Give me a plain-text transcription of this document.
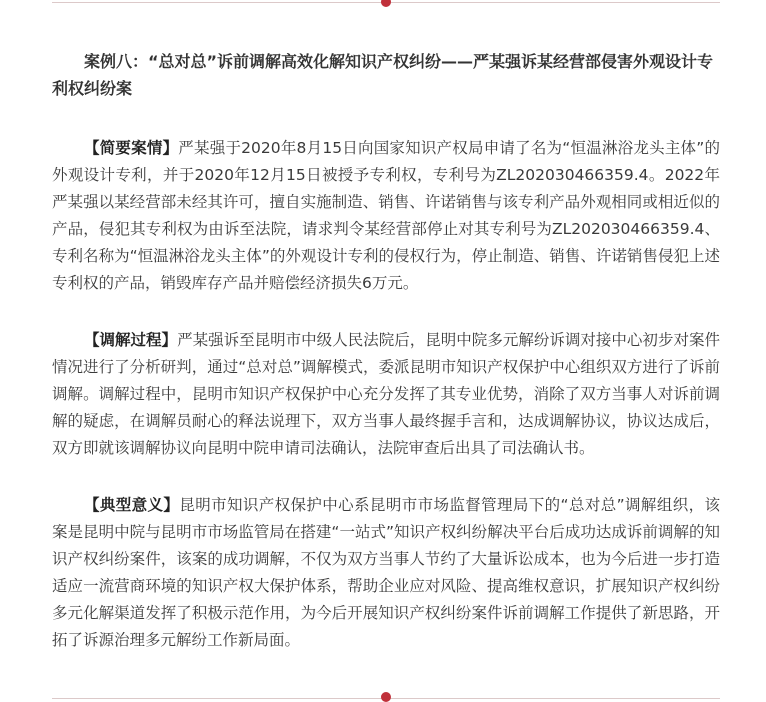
案例八：“总对总”诉前调解高效化解知识产权纠纷——严某强诉某经营部侵害外观设计专利权纠纷案

【简要案情】严某强于2020年8月15日向国家知识产权局申请了名为“恒温淋浴龙头主体”的外观设计专利，并于2020年12月15日被授予专利权，专利号为ZL202030466359.4。2022年严某强以某经营部未经其许可，擅自实施制造、销售、许诺销售与该专利产品外观相同或相近似的产品，侵犯其专利权为由诉至法院，请求判令某经营部停止对其专利号为ZL202030466359.4、专利名称为“恒温淋浴龙头主体”的外观设计专利的侵权行为，停止制造、销售、许诺销售侵犯上述专利权的产品，销毁库存产品并赔偿经济损失6万元。

【调解过程】严某强诉至昆明市中级人民法院后，昆明中院多元解纷诉调对接中心初步对案件情况进行了分析研判，通过“总对总”调解模式，委派昆明市知识产权保护中心组织双方进行了诉前调解。调解过程中，昆明市知识产权保护中心充分发挥了其专业优势，消除了双方当事人对诉前调解的疑虑，在调解员耐心的释法说理下，双方当事人最终握手言和，达成调解协议，协议达成后，双方即就该调解协议向昆明中院申请司法确认，法院审查后出具了司法确认书。

【典型意义】昆明市知识产权保护中心系昆明市市场监督管理局下的“总对总”调解组织，该案是昆明中院与昆明市市场监管局在搭建“一站式”知识产权纠纷解决平台后成功达成诉前调解的知识产权纠纷案件，该案的成功调解，不仅为双方当事人节约了大量诉讼成本，也为今后进一步打造适应一流营商环境的知识产权大保护体系，帮助企业应对风险、提高维权意识，扩展知识产权纠纷多元化解渠道发挥了积极示范作用，为今后开展知识产权纠纷案件诉前调解工作提供了新思路，开拓了诉源治理多元解纷工作新局面。
